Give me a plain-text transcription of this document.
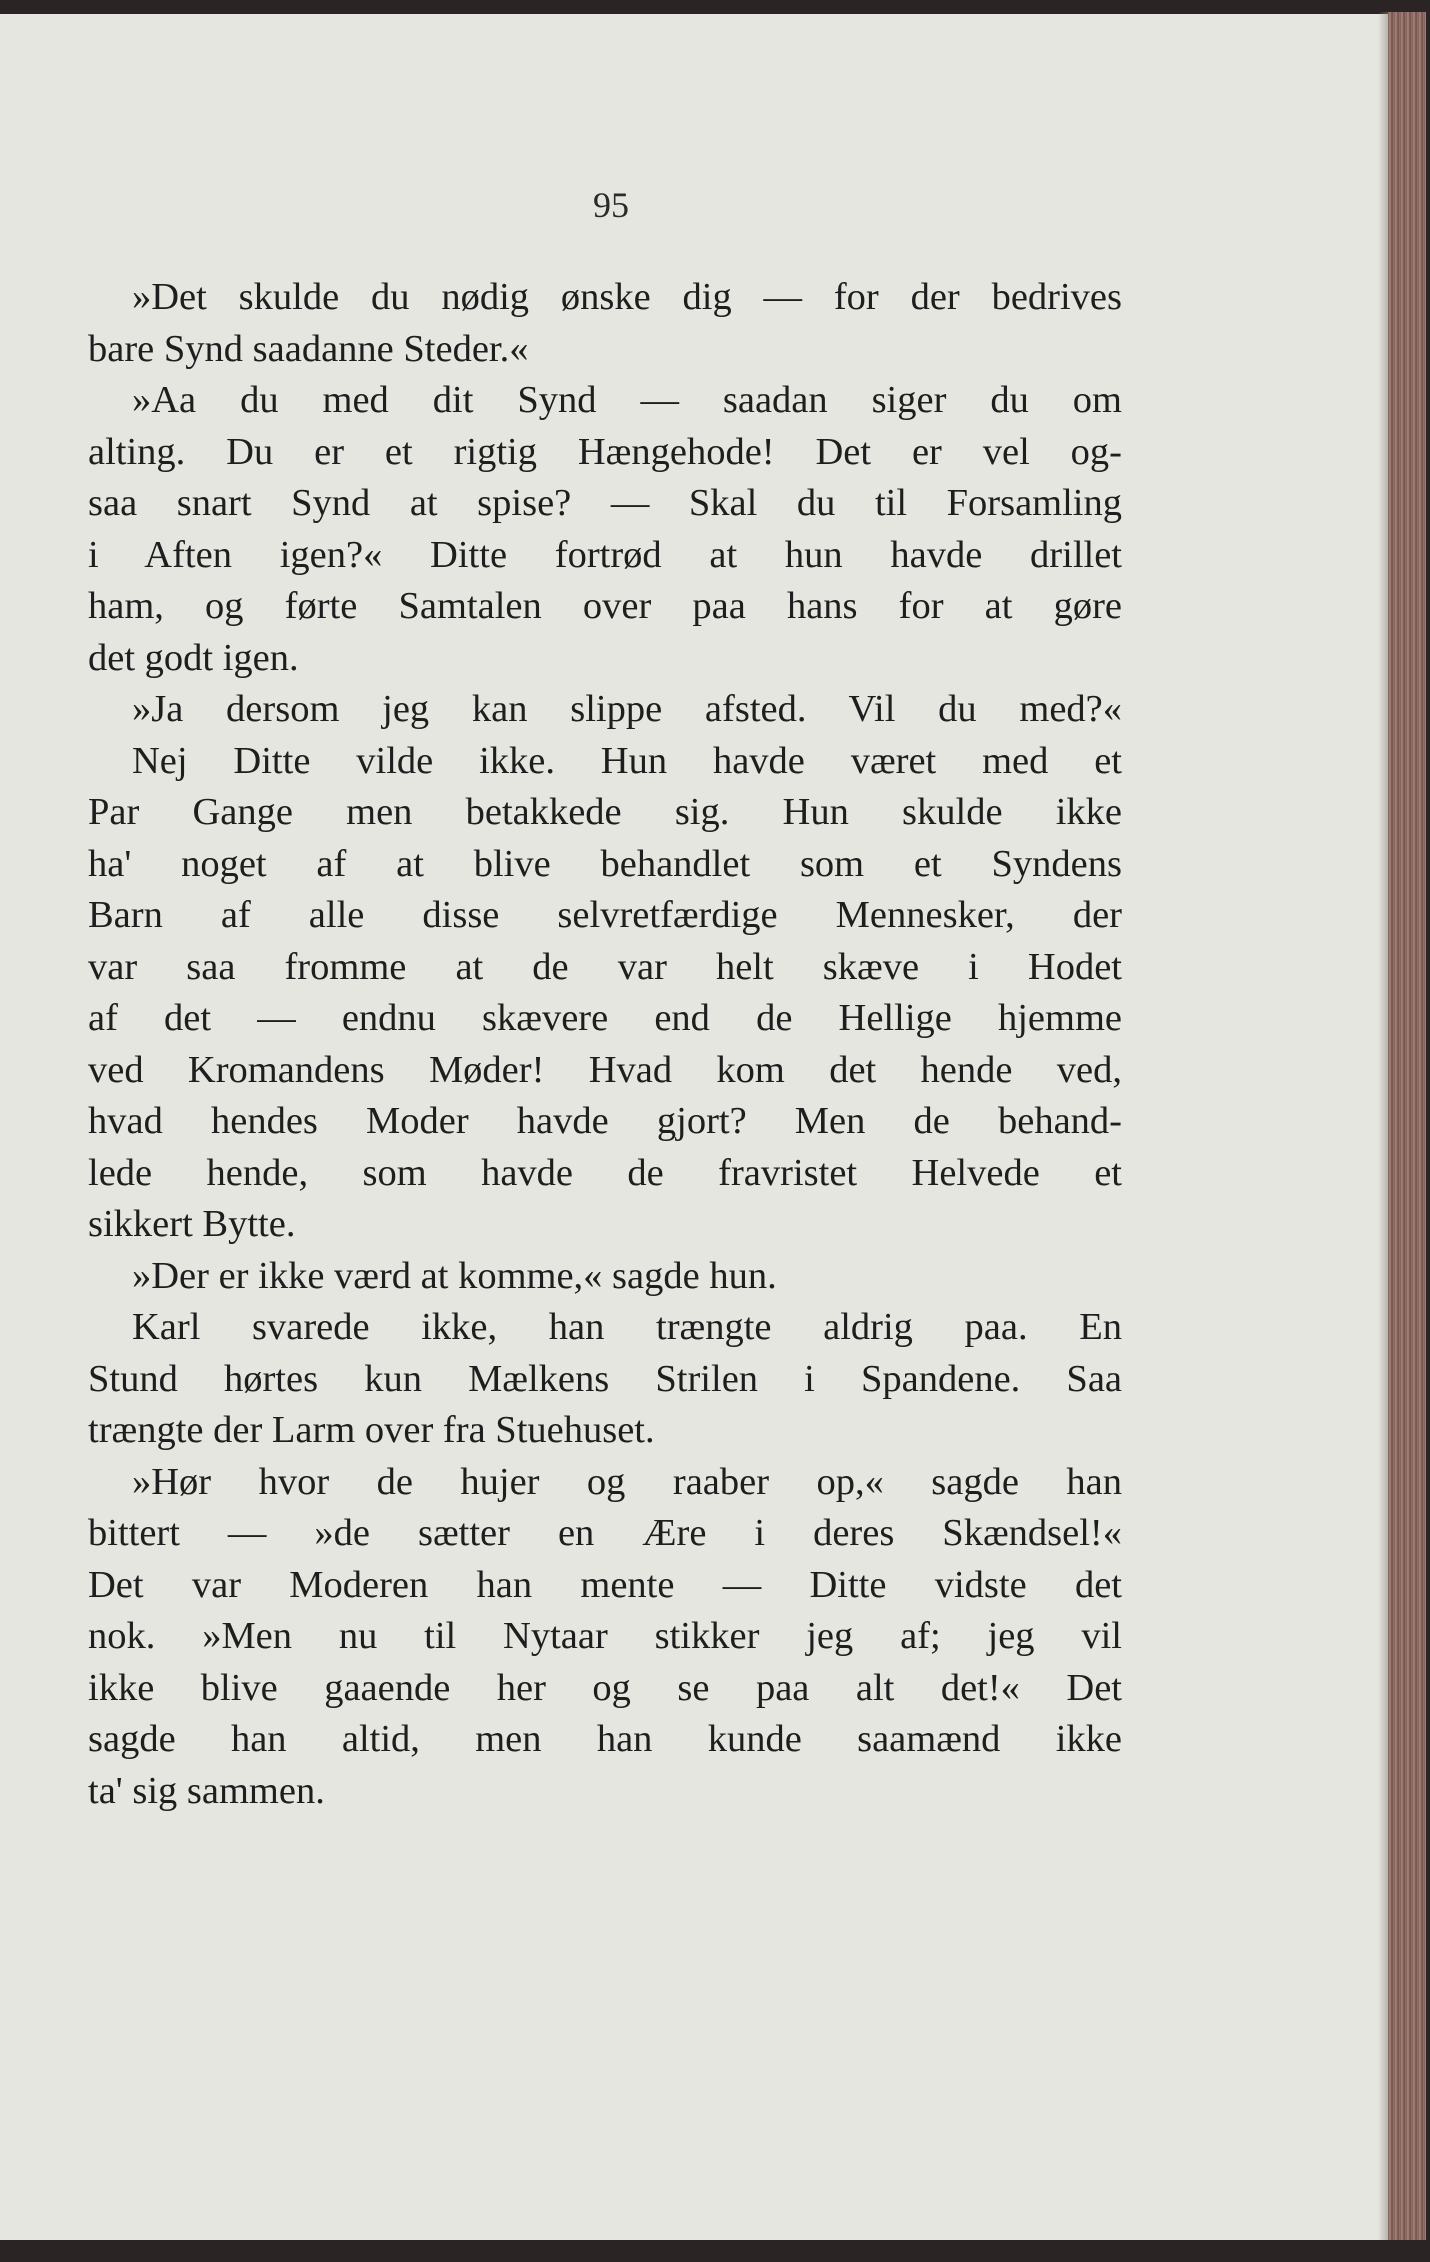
95
»Det skulde du nødig ønske dig — for der bedrives
bare Synd saadanne Steder.«
»Aa du med dit Synd — saadan siger du om
alting. Du er et rigtig Hængehode! Det er vel og-
saa snart Synd at spise? — Skal du til Forsamling
i Aften igen?« Ditte fortrød at hun havde drillet
ham, og førte Samtalen over paa hans for at gøre
det godt igen.
»Ja dersom jeg kan slippe afsted. Vil du med?«
Nej Ditte vilde ikke. Hun havde været med et
Par Gange men betakkede sig. Hun skulde ikke
ha' noget af at blive behandlet som et Syndens
Barn af alle disse selvretfærdige Mennesker, der
var saa fromme at de var helt skæve i Hodet
af det — endnu skævere end de Hellige hjemme
ved Kromandens Møder! Hvad kom det hende ved,
hvad hendes Moder havde gjort? Men de behand-
lede hende, som havde de fravristet Helvede et
sikkert Bytte.
»Der er ikke værd at komme,« sagde hun.
Karl svarede ikke, han trængte aldrig paa. En
Stund hørtes kun Mælkens Strilen i Spandene. Saa
trængte der Larm over fra Stuehuset.
»Hør hvor de hujer og raaber op,« sagde han
bittert — »de sætter en Ære i deres Skændsel!«
Det var Moderen han mente — Ditte vidste det
nok. »Men nu til Nytaar stikker jeg af; jeg vil
ikke blive gaaende her og se paa alt det!« Det
sagde han altid, men han kunde saamænd ikke
ta' sig sammen.
